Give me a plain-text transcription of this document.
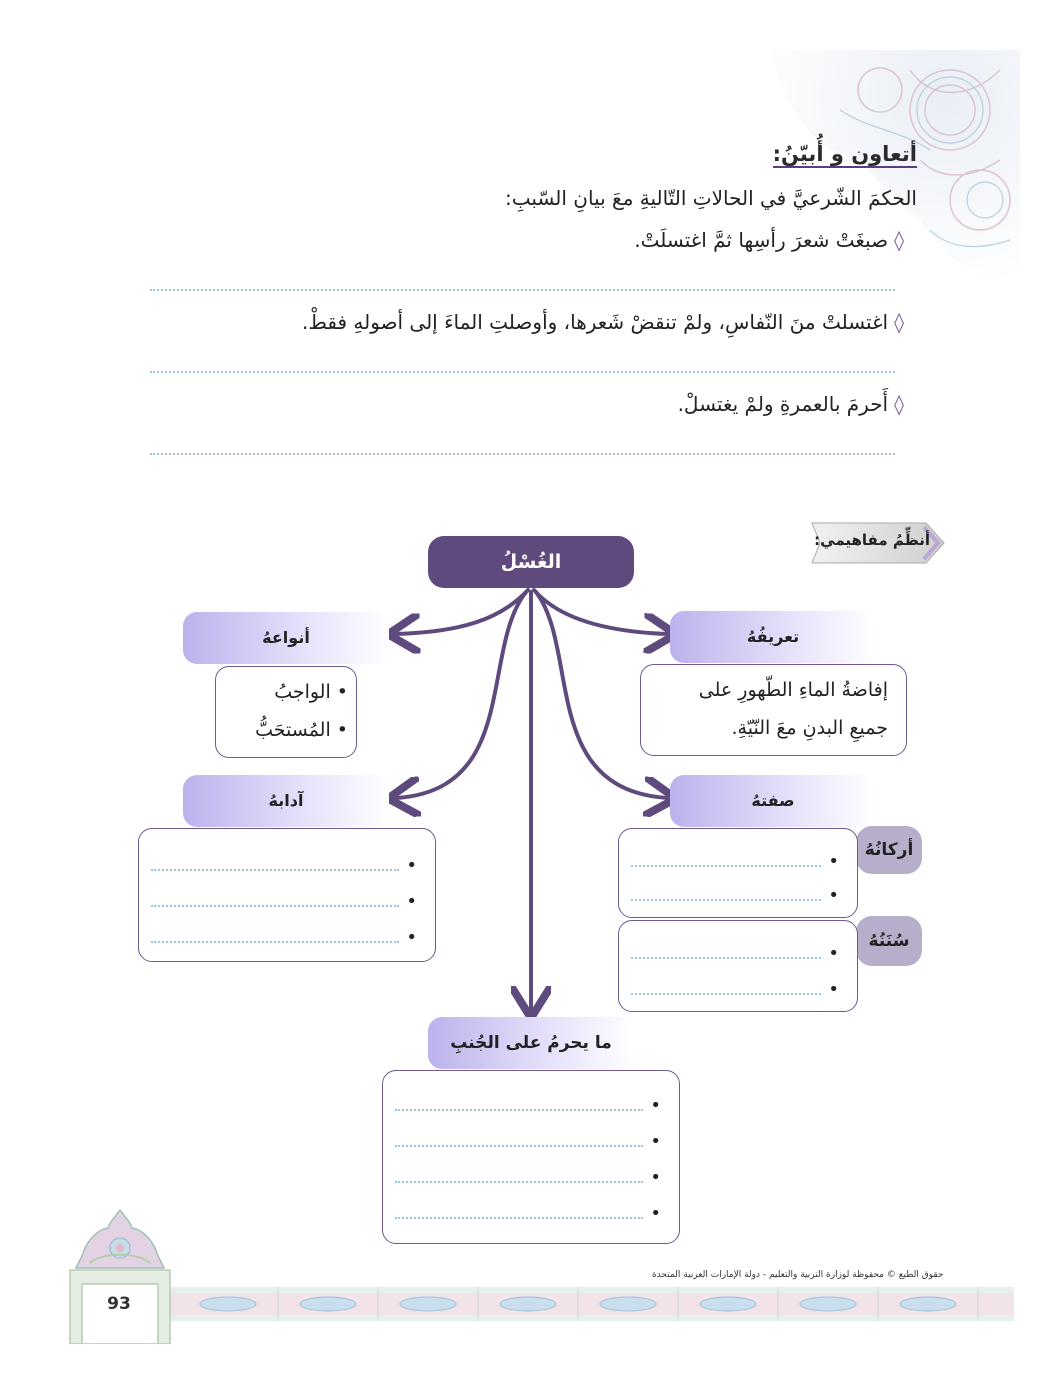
أتعاون و أُبيّنُ:
الحكمَ الشّرعيَّ في الحالاتِ التّاليةِ معَ بيانِ السّببِ:
◊صبغَتْ شعرَ رأسِها ثمَّ اغتسلَتْ.
◊اغتسلتْ منَ النّفاسِ، ولمْ تنقضْ شَعرها، وأوصلتِ الماءَ إلى أصولهِ فقطْ.
◊أَحرمَ بالعمرةِ ولمْ يغتسلْ.
أنظِّمُ مفاهيمي:
الغُسْلُ
تعريفُهُ
إفاضةُ الماءِ الطّهورِ على
جميعِ البدنِ معَ النّيّةِ.
أنواعهُ
• الواجبُ
• المُستحَبُّ
آدابهُ
•
•
•
صفتهُ
أركانُهُ
•
•
سُنَنُهُ
•
•
ما يحرمُ على الجُنبِ
•
•
•
•
حقوق الطبع © محفوظة لوزارة التربية والتعليم - دولة الإمارات العربية المتحدة
93
